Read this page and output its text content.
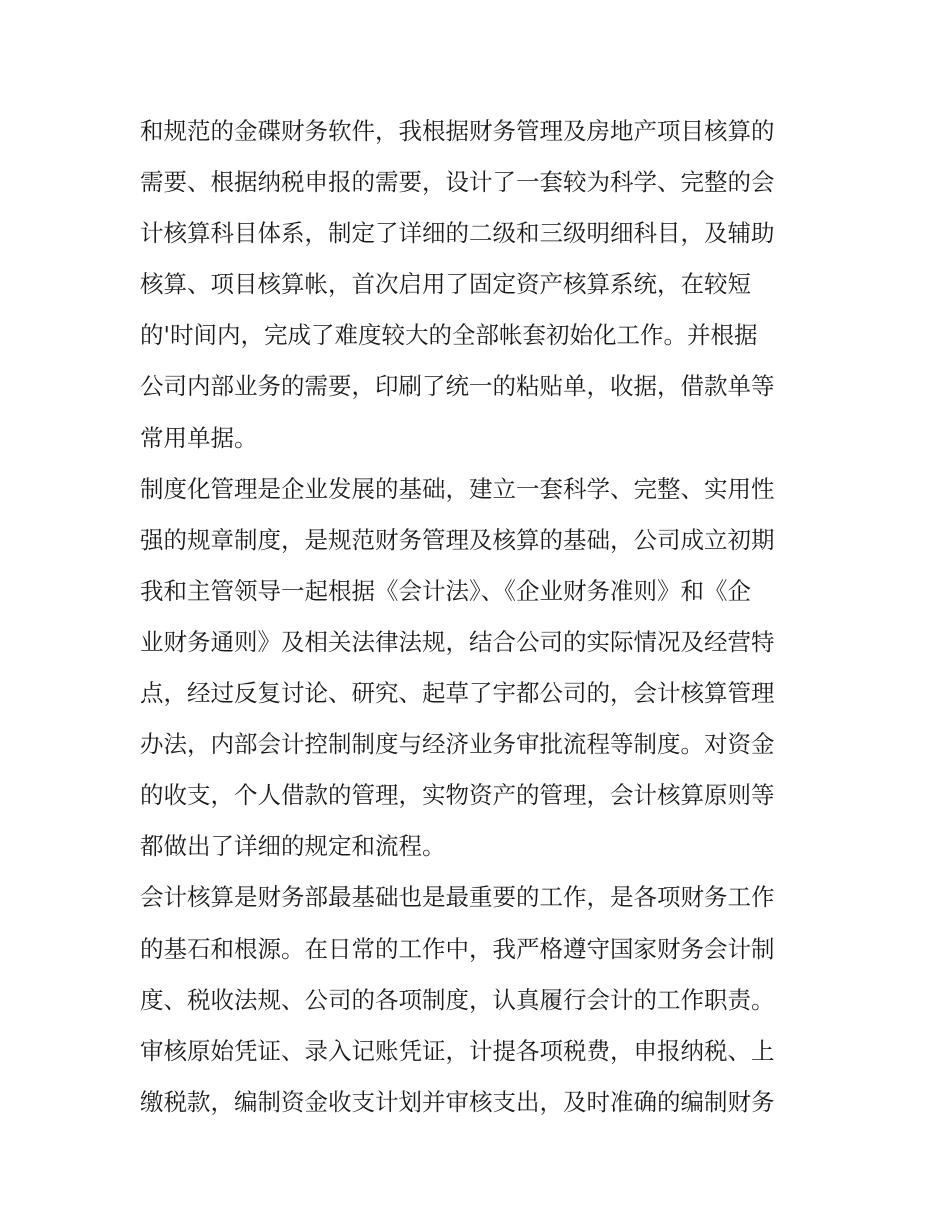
和规范的金碟财务软件，我根据财务管理及房地产项目核算的
需要、根据纳税申报的需要，设计了一套较为科学、完整的会
计核算科目体系，制定了详细的二级和三级明细科目，及辅助
核算、项目核算帐，首次启用了固定资产核算系统，在较短
的'时间内，完成了难度较大的全部帐套初始化工作。并根据
公司内部业务的需要，印刷了统一的粘贴单，收据，借款单等
常用单据。
制度化管理是企业发展的基础，建立一套科学、完整、实用性
强的规章制度，是规范财务管理及核算的基础，公司成立初期
我和主管领导一起根据《会计法》、《企业财务准则》和《企
业财务通则》及相关法律法规，结合公司的实际情况及经营特
点，经过反复讨论、研究、起草了宇都公司的，会计核算管理
办法，内部会计控制制度与经济业务审批流程等制度。对资金
的收支，个人借款的管理，实物资产的管理，会计核算原则等
都做出了详细的规定和流程。
会计核算是财务部最基础也是最重要的工作，是各项财务工作
的基石和根源。在日常的工作中，我严格遵守国家财务会计制
度、税收法规、公司的各项制度，认真履行会计的工作职责。
审核原始凭证、录入记账凭证，计提各项税费，申报纳税、上
缴税款，编制资金收支计划并审核支出，及时准确的编制财务
